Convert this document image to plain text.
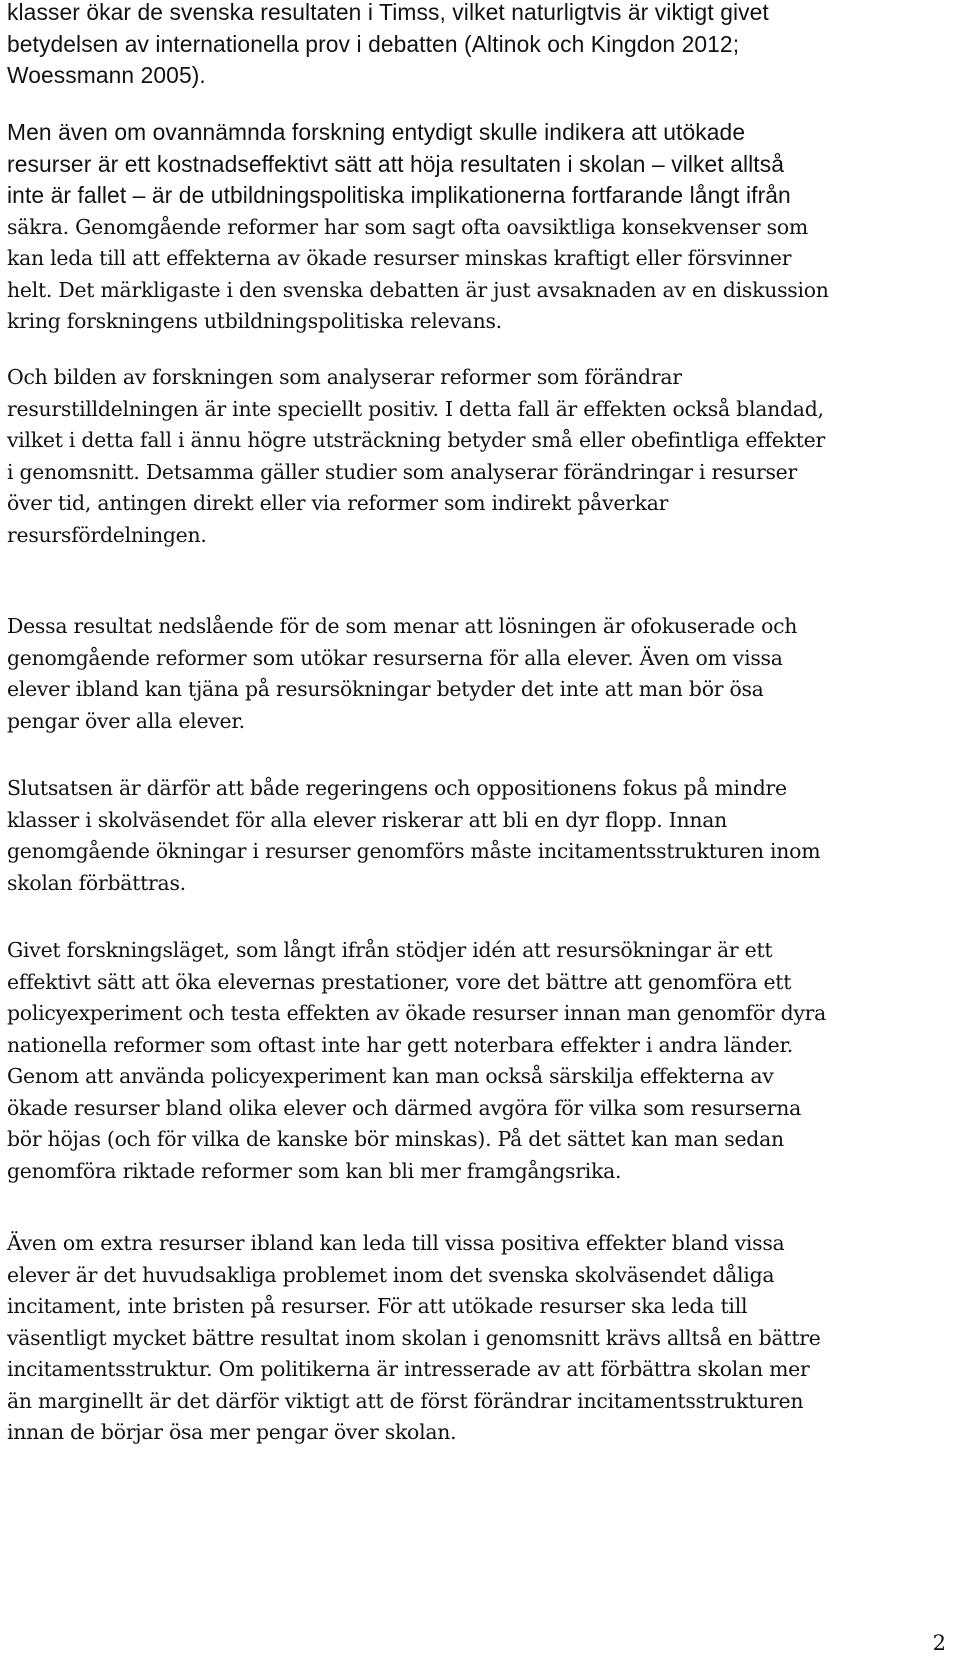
klasser ökar de svenska resultaten i Timss, vilket naturligtvis är viktigt givet
betydelsen av internationella prov i debatten (Altinok och Kingdon 2012;
Woessmann 2005).

Men även om ovannämnda forskning entydigt skulle indikera att utökade
resurser är ett kostnadseffektivt sätt att höja resultaten i skolan – vilket alltså
inte är fallet – är de utbildningspolitiska implikationerna fortfarande långt ifrån
säkra. Genomgående reformer har som sagt ofta oavsiktliga konsekvenser som
kan leda till att effekterna av ökade resurser minskas kraftigt eller försvinner
helt. Det märkligaste i den svenska debatten är just avsaknaden av en diskussion
kring forskningens utbildningspolitiska relevans.

Och bilden av forskningen som analyserar reformer som förändrar
resurstilldelningen är inte speciellt positiv. I detta fall är effekten också blandad,
vilket i detta fall i ännu högre utsträckning betyder små eller obefintliga effekter
i genomsnitt. Detsamma gäller studier som analyserar förändringar i resurser
över tid, antingen direkt eller via reformer som indirekt påverkar
resursfördelningen.

Dessa resultat nedslående för de som menar att lösningen är ofokuserade och
genomgående reformer som utökar resurserna för alla elever. Även om vissa
elever ibland kan tjäna på resursökningar betyder det inte att man bör ösa
pengar över alla elever.

Slutsatsen är därför att både regeringens och oppositionens fokus på mindre
klasser i skolväsendet för alla elever riskerar att bli en dyr flopp. Innan
genomgående ökningar i resurser genomförs måste incitamentsstrukturen inom
skolan förbättras.

Givet forskningsläget, som långt ifrån stödjer idén att resursökningar är ett
effektivt sätt att öka elevernas prestationer, vore det bättre att genomföra ett
policyexperiment och testa effekten av ökade resurser innan man genomför dyra
nationella reformer som oftast inte har gett noterbara effekter i andra länder.
Genom att använda policyexperiment kan man också särskilja effekterna av
ökade resurser bland olika elever och därmed avgöra för vilka som resurserna
bör höjas (och för vilka de kanske bör minskas). På det sättet kan man sedan
genomföra riktade reformer som kan bli mer framgångsrika.

Även om extra resurser ibland kan leda till vissa positiva effekter bland vissa
elever är det huvudsakliga problemet inom det svenska skolväsendet dåliga
incitament, inte bristen på resurser. För att utökade resurser ska leda till
väsentligt mycket bättre resultat inom skolan i genomsnitt krävs alltså en bättre
incitamentsstruktur. Om politikerna är intresserade av att förbättra skolan mer
än marginellt är det därför viktigt att de först förändrar incitamentsstrukturen
innan de börjar ösa mer pengar över skolan.

2
